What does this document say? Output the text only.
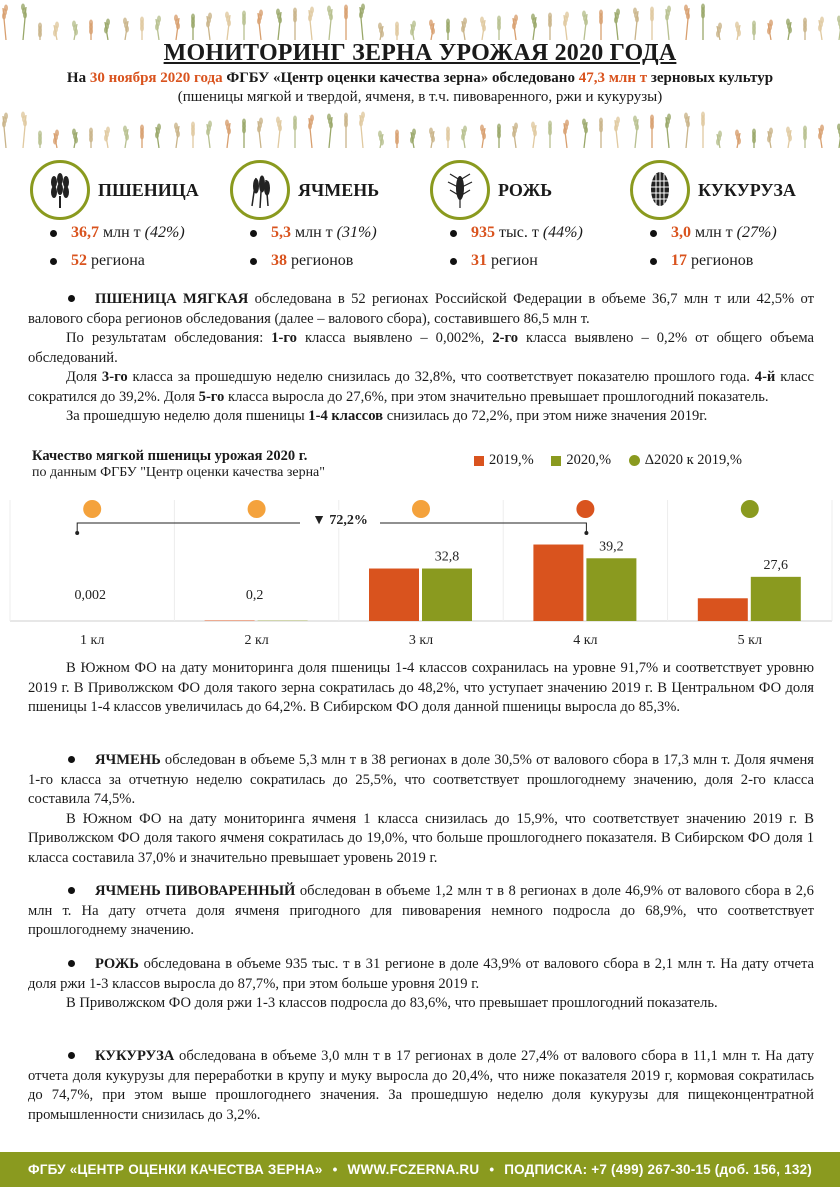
МОНИТОРИНГ ЗЕРНА УРОЖАЯ 2020 ГОДА
На 30 ноября 2020 года ФГБУ «Центр оценки качества зерна» обследовано 47,3 млн т зерновых культур
(пшеницы мягкой и твердой, ячменя, в т.ч. пивоваренного, ржи и кукурузы)
ПШЕНИЦА
36,7 млн т (42%)
52 региона
ЯЧМЕНЬ
5,3 млн т (31%)
38 регионов
РОЖЬ
935 тыс. т (44%)
31 регион
КУКУРУЗА
3,0 млн т (27%)
17 регионов
ПШЕНИЦА МЯГКАЯ обследована в 52 регионах Российской Федерации в объеме 36,7 млн т или 42,5% от валового сбора регионов обследования (далее – валового сбора), составившего 86,5 млн т.
По результатам обследования: 1-го класса выявлено – 0,002%, 2-го класса выявлено – 0,2% от общего объема обследований.
Доля 3-го класса за прошедшую неделю снизилась до 32,8%, что соответствует показателю прошлого года. 4-й класс сократился до 39,2%. Доля 5-го класса выросла до 27,6%, при этом значительно превышает прошлогодний показатель.
За прошедшую неделю доля пшеницы 1-4 классов снизилась до 72,2%, при этом ниже значения 2019г.
Качество мягкой пшеницы урожая 2020 г.
по данным ФГБУ "Центр оценки качества зерна"
2019,% 2020,% Δ2020 к 2019,%
0,002
1 кл
0,2
2 кл
32,8
3 кл
39,2
4 кл
27,6
5 кл
▼ 72,2%
В Южном ФО на дату мониторинга доля пшеницы 1-4 классов сохранилась на уровне 91,7% и соответствует уровню 2019 г. В Приволжском ФО доля такого зерна сократилась до 48,2%, что уступает значению 2019 г. В Центральном ФО доля пшеницы 1-4 классов увеличилась до 64,2%. В Сибирском ФО доля данной пшеницы выросла до 85,3%.
ЯЧМЕНЬ обследован в объеме 5,3 млн т в 38 регионах в доле 30,5% от валового сбора в 17,3 млн т. Доля ячменя 1-го класса за отчетную неделю сократилась до 25,5%, что соответствует прошлогоднему значению, доля 2-го класса составила 74,5%.
В Южном ФО на дату мониторинга ячменя 1 класса снизилась до 15,9%, что соответствует значению 2019 г. В Приволжском ФО доля такого ячменя сократилась до 19,0%, что больше прошлогоднего показателя. В Сибирском ФО доля 1 класса составила 37,0% и значительно превышает уровень 2019 г.
ЯЧМЕНЬ ПИВОВАРЕННЫЙ обследован в объеме 1,2 млн т в 8 регионах в доле 46,9% от валового сбора в 2,6 млн т. На дату отчета доля ячменя пригодного для пивоварения немного подросла до 68,9%, что соответствует прошлогоднему значению.
РОЖЬ обследована в объеме 935 тыс. т в 31 регионе в доле 43,9% от валового сбора в 2,1 млн т. На дату отчета доля ржи 1-3 классов выросла до 87,7%, при этом больше уровня 2019 г.
В Приволжском ФО доля ржи 1-3 классов подросла до 83,6%, что превышает прошлогодний показатель.
КУКУРУЗА обследована в объеме 3,0 млн т в 17 регионах в доле 27,4% от валового сбора в 11,1 млн т. На дату отчета доля кукурузы для переработки в крупу и муку выросла до 20,4%, что ниже показателя 2019 г, кормовая сократилась до 74,7%, при этом выше прошлогоднего значения. За прошедшую неделю доля кукурузы для пищеконцентратной промышленности снизилась до 3,2%.
ФГБУ «ЦЕНТР ОЦЕНКИ КАЧЕСТВА ЗЕРНА» • WWW.FCZERNA.RU • ПОДПИСКА: +7 (499) 267-30-15 (доб. 156, 132)
